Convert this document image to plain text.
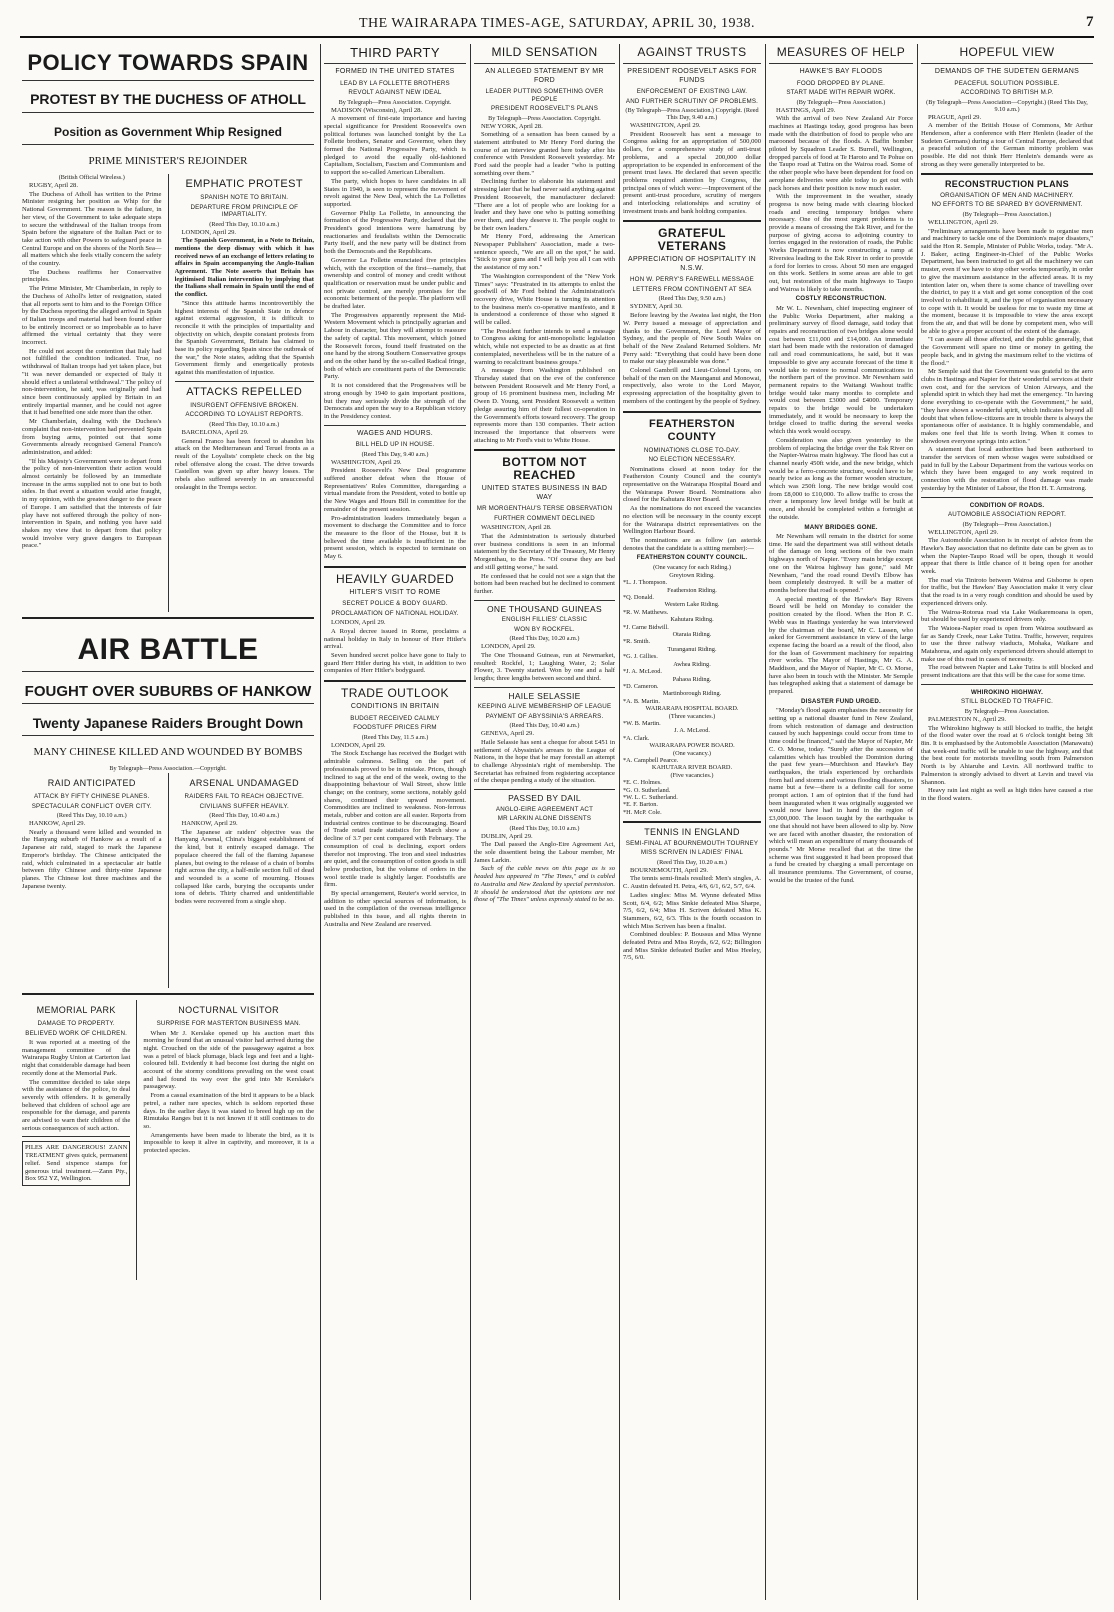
THE WAIRARAPA TIMES-AGE, SATURDAY, APRIL 30, 1938.	7
POLICY TOWARDS SPAIN
PROTEST BY THE DUCHESS OF ATHOLL
Position as Government Whip Resigned
PRIME MINISTER'S REJOINDER

(British Official Wireless.)

RUGBY, April 28.

The Duchess of Atholl has written to the Prime Minister resigning her position as Whip for the National Government. The reason is the failure, in her view, of the Government to take adequate steps to secure the withdrawal of the Italian troops from Spain before the signature of the Italian Pact or to take action with other Powers to safeguard peace in Central Europe and on the shores of the North Sea—all matters which she feels vitally concern the safety of the country.

The Duchess reaffirms her Conservative principles.

The Prime Minister, Mr Chamberlain, in reply to the Duchess of Atholl's letter of resignation, stated that all reports sent to him and to the Foreign Office by the Duchess reporting the alleged arrival in Spain of Italian troops and material had been found either to be entirely incorrect or so improbable as to have affirmed the virtual certainty that they were incorrect.

He could not accept the contention that Italy had not fulfilled the condition indicated. True, no withdrawal of Italian troops had yet taken place, but "it was never demanded or expected of Italy it should effect a unilateral withdrawal." The policy of non-intervention, he said, was originally and had since been continuously applied by Britain in an entirely impartial manner, and he could not agree that it had benefited one side more than the other.

Mr Chamberlain, dealing with the Duchess's complaint that non-intervention had prevented Spain from buying arms, pointed out that some Governments already recognised General Franco's administration, and added:

"If his Majesty's Government were to depart from the policy of non-intervention their action would almost certainly be followed by an immediate increase in the arms supplied not to one but to both sides. In that event a situation would arise fraught, in my opinion, with the greatest danger to the peace of Europe. I am satisfied that the interests of fair play have not suffered through the policy of non-intervention in Spain, and nothing you have said shakes my view that to depart from that policy would involve very grave dangers to European peace."

EMPHATIC PROTEST
SPANISH NOTE TO BRITAIN.
DEPARTURE FROM PRINCIPLE OF IMPARTIALITY.

(Reed This Day, 10.10 a.m.)

LONDON, April 29.

The Spanish Government, in a Note to Britain, mentions the deep dismay with which it has received news of an exchange of letters relating to affairs in Spain accompanying the Anglo-Italian Agreement. The Note asserts that Britain has legitimised Italian intervention by implying that the Italians shall remain in Spain until the end of the conflict.

"Since this attitude harms incontrovertibly the highest interests of the Spanish State in defence against external aggression, it is difficult to reconcile it with the principles of impartiality and objectivity on which, despite constant protests from the Spanish Government, Britain has claimed to base its policy regarding Spain since the outbreak of the war," the Note states, adding that the Spanish Government firmly and energetically protests against this manifestation of injustice.

ATTACKS REPELLED
INSURGENT OFFENSIVE BROKEN.
ACCORDING TO LOYALIST REPORTS.

(Reed This Day, 10.10 a.m.)

BARCELONA, April 29.

General Franco has been forced to abandon his attack on the Mediterranean and Teruel fronts as a result of the Loyalists' complete check on the big rebel offensive along the coast. The drive towards Castellon was given up after heavy losses. The rebels also suffered severely in an unsuccessful onslaught in the Tremps sector.

AIR BATTLE
FOUGHT OVER SUBURBS OF HANKOW
Twenty Japanese Raiders Brought Down
MANY CHINESE KILLED AND WOUNDED BY BOMBS

By Telegraph—Press Association.—Copyright.

RAID ANTICIPATED
ATTACK BY FIFTY CHINESE PLANES.
SPECTACULAR CONFLICT OVER CITY.

(Reed This Day, 10.10 a.m.)

HANKOW, April 29.

Nearly a thousand were killed and wounded in the Hanyang suburb of Hankow as a result of a Japanese air raid, staged to mark the Japanese Emperor's birthday. The Chinese anticipated the raid, which culminated in a spectacular air battle between fifty Chinese and thirty-nine Japanese planes. The Chinese lost three machines and the Japanese twenty.

ARSENAL UNDAMAGED
RAIDERS FAIL TO REACH OBJECTIVE.
CIVILIANS SUFFER HEAVILY.

(Reed This Day, 10.40 a.m.)

HANKOW, April 29.

The Japanese air raiders' objective was the Hanyang Arsenal, China's biggest establishment of the kind, but it entirely escaped damage. The populace cheered the fall of the flaming Japanese planes, but owing to the release of a chain of bombs right across the city, a half-mile section full of dead and wounded is a scene of mourning. Houses collapsed like cards, burying the occupants under tons of debris. Thirty charred and unidentifiable bodies were recovered from a single shop.

MEMORIAL PARK
DAMAGE TO PROPERTY.
BELIEVED WORK OF CHILDREN.

It was reported at a meeting of the management committee of the Wairarapa Rugby Union at Carterton last night that considerable damage had been recently done at the Memorial Park.

The committee decided to take steps with the assistance of the police, to deal severely with offenders. It is generally believed that children of school age are responsible for the damage, and parents are advised to warn their children of the serious consequences of such action.

PILES ARE DANGEROUS! ZANN TREATMENT gives quick, permanent relief. Send sixpence stamps for generous trial treatment.—Zann Pty., Box 952 YZ, Wellington.

NOCTURNAL VISITOR
SURPRISE FOR MASTERTON BUSINESS MAN.

When Mr J. Kerslake opened up his auction mart this morning he found that an unusual visitor had arrived during the night. Crouched on the side of the passageway against a box was a petrel of black plumage, black legs and feet and a light-coloured bill. Evidently it had become lost during the night on account of the stormy conditions prevailing on the west coast and had found its way over the grid into Mr Kerslake's passageway.

From a casual examination of the bird it appears to be a black petrel, a rather rare species, which is seldom reported these days. In the earlier days it was stated to breed high up on the Rimutaka Ranges but it is not known if it still continues to do so.

Arrangements have been made to liberate the bird, as it is impossible to keep it alive in captivity, and moreover, it is a protected species.

THIRD PARTY
FORMED IN THE UNITED STATES
LEAD BY LA FOLLETTE BROTHERS
REVOLT AGAINST NEW IDEAL

By Telegraph—Press Association. Copyright.

MADISON (Wisconsin), April 28.

A movement of first-rate importance and having special significance for President Roosevelt's own political fortunes was launched tonight by the La Follette brothers, Senator and Governor, when they formed the National Progressive Party, which is pledged to avoid the equally old-fashioned Capitalism, Socialism, Fascism and Communism and to support the so-called American Liberalism.

The party, which hopes to have candidates in all States in 1940, is seen to represent the movement of revolt against the New Deal, which the La Follettes supported.

Governor Philip La Follette, in announcing the formation of the Progressive Party, declared that the President's good intentions were hamstrung by reactionaries and feudalists within the Democratic Party itself, and the new party will be distinct from both the Democrats and the Republicans.

Governor La Follette enunciated five principles which, with the exception of the first—namely, that ownership and control of money and credit without qualification or reservation must be under public and not private control, are merely promises for the economic betterment of the people. The platform will be drafted later.

The Progressives apparently represent the Mid-Western Movement which is principally agrarian and Labour in character, but they will attempt to reassure the safety of capital. This movement, which joined the Roosevelt forces, found itself frustrated on the one hand by the strong Southern Conservative groups and on the other hand by the so-called Radical fringe, both of which are constituent parts of the Democratic Party.

It is not considered that the Progressives will be strong enough by 1940 to gain important positions, but they may seriously divide the strength of the Democrats and open the way to a Republican victory in the Presidency contest.

WAGES AND HOURS.
BILL HELD UP IN HOUSE.

(Reed This Day, 9.40 a.m.)

WASHINGTON, April 29.

President Roosevelt's New Deal programme suffered another defeat when the House of Representatives' Rules Committee, disregarding a virtual mandate from the President, voted to bottle up the New Wages and Hours Bill in committee for the remainder of the present session.

Pro-administration leaders immediately began a movement to discharge the Committee and to force the measure to the floor of the House, but it is believed the time available is insufficient in the present session, which is expected to terminate on May 6.

HEAVILY GUARDED
HITLER'S VISIT TO ROME
SECRET POLICE & BODY GUARD.
PROCLAMATION OF NATIONAL HOLIDAY.

LONDON, April 29.

A Royal decree issued in Rome, proclaims a national holiday in Italy in honour of Herr Hitler's arrival.

Seven hundred secret police have gone to Italy to guard Herr Hitler during his visit, in addition to two companies of Herr Hitler's bodyguard.

TRADE OUTLOOK
CONDITIONS IN BRITAIN
BUDGET RECEIVED CALMLY
FOODSTUFF PRICES FIRM

(Reed This Day, 11.5 a.m.)

LONDON, April 29.

The Stock Exchange has received the Budget with admirable calmness. Selling on the part of professionals proved to be in mistake. Prices, though inclined to sag at the end of the week, owing to the disappointing behaviour of Wall Street, show little change; on the contrary, some sections, notably gold shares, continued their upward movement. Commodities are inclined to weakness. Non-ferrous metals, rubber and cotton are all easier. Reports from industrial centres continue to be discouraging. Board of Trade retail trade statistics for March show a decline of 3.7 per cent compared with February. The consumption of coal is declining, export orders therefor not improving. The iron and steel industries are quiet, and the consumption of cotton goods is still below production, but the volume of orders in the wool textile trade is slightly larger. Foodstuffs are firm.

By special arrangement, Reuter's world service, in addition to other special sources of information, is used in the compilation of the overseas intelligence published in this issue, and all rights therein in Australia and New Zealand are reserved.

MILD SENSATION
AN ALLEGED STATEMENT BY MR FORD
LEADER PUTTING SOMETHING OVER PEOPLE
PRESIDENT ROOSEVELT'S PLANS

By Telegraph—Press Association. Copyright.

NEW YORK, April 28.

Something of a sensation has been caused by a statement attributed to Mr Henry Ford during the course of an interview granted here today after his conference with President Roosevelt yesterday. Mr Ford said the people had a leader "who is putting something over them."

Declining further to elaborate his statement and stressing later that he had never said anything against President Roosevelt, the manufacturer declared: "There are a lot of people who are looking for a leader and they have one who is putting something over them, and they deserve it. The people ought to be their own leaders."

Mr Henry Ford, addressing the American Newspaper Publishers' Association, made a two-sentence speech, "We are all on the spot," he said. "Stick to your guns and I will help you all I can with the assistance of my son."

The Washington correspondent of the "New York Times" says: "Frustrated in its attempts to enlist the goodwill of Mr Ford behind the Administration's recovery drive, White House is turning its attention to the business men's co-operative manifesto, and it is understood a conference of those who signed it will be called.

"The President further intends to send a message to Congress asking for anti-monopolistic legislation which, while not expected to be as drastic as at first contemplated, nevertheless will be in the nature of a warning to recalcitrant business groups."

A message from Washington published on Thursday stated that on the eve of the conference between President Roosevelt and Mr Henry Ford, a group of 16 prominent business men, including Mr Owen D. Young, sent President Roosevelt a written pledge assuring him of their fullest co-operation in the Government's efforts toward recovery. The group represents more than 130 companies. Their action increased the importance that observers were attaching to Mr Ford's visit to White House.

BOTTOM NOT REACHED
UNITED STATES BUSINESS IN BAD WAY
MR MORGENTHAU'S TERSE OBSERVATION
FURTHER COMMENT DECLINED

WASHINGTON, April 28.

That the Administration is seriously disturbed over business conditions is seen in an informal statement by the Secretary of the Treasury, Mr Henry Morgenthau, to the Press. "Of course they are bad and still getting worse," he said.

He confessed that he could not see a sign that the bottom had been reached but he declined to comment further.

ONE THOUSAND GUINEAS
ENGLISH FILLIES' CLASSIC
WON BY ROCKFEL.

(Reed This Day, 10.20 a.m.)

LONDON, April 29.

The One Thousand Guineas, run at Newmarket, resulted: Rockfel, 1; Laughing Water, 2; Solar Flower, 3. Twenty started. Won by one and a half lengths; three lengths between second and third.

HAILE SELASSIE
KEEPING ALIVE MEMBERSHIP OF LEAGUE
PAYMENT OF ABYSSINIA'S ARREARS.

(Reed This Day, 10.40 a.m.)

GENEVA, April 29.

Haile Selassie has sent a cheque for about £451 in settlement of Abyssinia's arrears to the League of Nations, in the hope that he may forestall an attempt to challenge Abyssinia's right of membership. The Secretariat has refrained from registering acceptance of the cheque pending a study of the situation.

PASSED BY DAIL
ANGLO-EIRE AGREEMENT ACT
MR LARKIN ALONE DISSENTS

(Reed This Day, 10.10 a.m.)

DUBLIN, April 29.

The Dail passed the Anglo-Eire Agreement Act, the sole dissentient being the Labour member, Mr James Larkin.

Such of the cable news on this page as is so headed has appeared in "The Times," and is cabled to Australia and New Zealand by special permission. It should be understood that the opinions are not those of "The Times" unless expressly stated to be so.

AGAINST TRUSTS
PRESIDENT ROOSEVELT ASKS FOR FUNDS
ENFORCEMENT OF EXISTING LAW.
AND FURTHER SCRUTINY OF PROBLEMS.

(By Telegraph—Press Association.) Copyright. (Reed This Day, 9.40 a.m.)

WASHINGTON, April 29.

President Roosevelt has sent a message to Congress asking for an appropriation of 500,000 dollars, for a comprehensive study of anti-trust problems, and a special 200,000 dollar appropriation to be expended in enforcement of the present trust laws. He declared that seven specific problems required attention by Congress, the principal ones of which were:—Improvement of the present anti-trust procedure, scrutiny of mergers and interlocking relationships and scrutiny of investment trusts and bank holding companies.

GRATEFUL VETERANS
APPRECIATION OF HOSPITALITY IN N.S.W.
HON W. PERRY'S FAREWELL MESSAGE
LETTERS FROM CONTINGENT AT SEA

(Reed This Day, 9.50 a.m.)

SYDNEY, April 30.

Before leaving by the Awatea last night, the Hon W. Perry issued a message of appreciation and thanks to the Government, the Lord Mayor of Sydney, and the people of New South Wales on behalf of the New Zealand Returned Soldiers. Mr Perry said: "Everything that could have been done to make our stay pleasurable was done."

Colonel Gambrill and Lieut-Colonel Lyons, on behalf of the men on the Maunganui and Monowai, respectively, also wrote to the Lord Mayor, expressing appreciation of the hospitality given to members of the contingent by the people of Sydney.

FEATHERSTON COUNTY
NOMINATIONS CLOSE TO-DAY.
NO ELECTION NECESSARY.

Nominations closed at noon today for the Featherston County Council and the county's representative on the Wairarapa Hospital Board and the Wairarapa Power Board. Nominations also closed for the Kahutara River Board.

As the nominations do not exceed the vacancies no election will be necessary in the county except for the Wairarapa district representatives on the Wellington Harbour Board.

The nominations are as follow (an asterisk denotes that the candidate is a sitting member):—

FEATHERSTON COUNTY COUNCIL.

(One vacancy for each Riding.)

Greytown Riding.
*L. J. Thompson.
Featherston Riding.
*Q. Donald.
Western Lake Riding.
*R. W. Matthews.
Kahutara Riding.
*J. Carne Bidwill.
Otaraia Riding.
*R. Smith.
Turanganui Riding.
*G. J. Gillies.
Awhea Riding.
*J. A. McLeod.
Pahaoa Riding.
*D. Cameron.
Martinborough Riding.
*A. B. Martin.
WAIRARAPA HOSPITAL BOARD.
(Three vacancies.)
*W. B. Martin.
J. A. McLeod.
*A. Clark.
WAIRARAPA POWER BOARD.
(One vacancy.)
*A. Campbell Pearce.
KAHUTARA RIVER BOARD.
(Five vacancies.)
*E. C. Holmes.
*G. O. Sutherland.
*W. L. C. Sutherland.
*E. F. Barton.
*H. McP. Cole.
TENNIS IN ENGLAND
SEMI-FINAL AT BOURNEMOUTH TOURNEY
MISS SCRIVEN IN LADIES' FINAL

(Reed This Day, 10.20 a.m.)

BOURNEMOUTH, April 29.

The tennis semi-finals resulted: Men's singles, A. C. Austin defeated H. Petra, 4/6, 6/1, 6/2, 5/7, 6/4.

Ladies singles: Miss M. Wynne defeated Miss Scott, 6/4, 6/2; Miss Sinkie defeated Miss Sharpe, 7/5, 6/2, 6/4; Miss H. Scriven defeated Miss K. Stammers, 6/2, 6/3. This is the fourth occasion in which Miss Scriven has been a finalist.

Combined doubles: P. Boussus and Miss Wynne defeated Petra and Miss Royds, 6/2, 6/2; Billington and Miss Sinkie defeated Butler and Miss Heeley, 7/5, 6/0.

MEASURES OF HELP
HAWKE'S BAY FLOODS
FOOD DROPPED BY PLANE.
START MADE WITH REPAIR WORK.

(By Telegraph—Press Association.)

HASTINGS, April 29.

With the arrival of two New Zealand Air Force machines at Hastings today, good progress has been made with the distribution of food to people who are marooned because of the floods. A Baffin bomber piloted by Squadron Leader S. Burrell, Wellington, dropped parcels of food at Te Haroto and Te Pohue on the Taupo road at Tutira on the Wairoa road. Some of the other people who have been dependent for food on aeroplane deliveries were able today to get out with pack horses and their position is now much easier.

With the improvement in the weather, steady progress is now being made with clearing blocked roads and erecting temporary bridges where necessary. One of the most urgent problems is to provide a means of crossing the Esk River, and for the purpose of giving access to adjoining country to lorries engaged in the restoration of roads, the Public Works Department is now constructing a ramp at Riversiea leading to the Esk River in order to provide a ford for lorries to cross. About 50 men are engaged on this work. Settlers in some areas are able to get out, but restoration of the main highways to Taupo and Wairoa is likely to take months.

COSTLY RECONSTRUCTION.

Mr W. L. Newnham, chief inspecting engineer of the Public Works Department, after making a preliminary survey of flood damage, said today that repairs and reconstruction of two bridges alone would cost between £11,000 and £14,000. An immediate start had been made with the restoration of damaged rail and road communications, he said, but it was impossible to give any accurate forecast of the time it would take to restore to normal communications in the northern part of the province. Mr Newnham said permanent repairs to the Waitangi Washout traffic bridge would take many months to complete and would cost between £3000 and £4000. Temporary repairs to the bridge would be undertaken immediately, and it would be necessary to keep the bridge closed to traffic during the several weeks which this work would occupy.

Consideration was also given yesterday to the problem of replacing the bridge over the Esk River on the Napier-Wairoa main highway. The flood has cut a channel nearly 450ft wide, and the new bridge, which would be a ferro-concrete structure, would have to be nearly twice as long as the former wooden structure, which was 250ft long. The new bridge would cost from £8,000 to £10,000. To allow traffic to cross the river a temporary low level bridge will be built at once, and should be completed within a fortnight at the outside.

MANY BRIDGES GONE.

Mr Newnham will remain in the district for some time. He said the department was still without details of the damage on long sections of the two main highways north of Napier. "Every main bridge except one on the Wairoa highway has gone," said Mr Newnham, "and the road round Devil's Elbow has been completely destroyed. It will be a matter of months before that road is opened."

A special meeting of the Hawke's Bay Rivers Board will be held on Monday to consider the position created by the flood. When the Hon P. C. Webb was in Hastings yesterday he was interviewed by the chairman of the board, Mr C. Lassen, who asked for Government assistance in view of the large expense facing the board as a result of the flood, also for the loan of Government machinery for repairing river works. The Mayor of Hastings, Mr G. A. Maddison, and the Mayor of Napier, Mr C. O. Morse, have also been in touch with the Minister. Mr Semple has telegraphed asking that a statement of damage be prepared.

DISASTER FUND URGED.

"Monday's flood again emphasises the necessity for setting up a national disaster fund in New Zealand, from which restoration of damage and destruction caused by such happenings could occur from time to time could be financed," said the Mayor of Napier, Mr C. O. Morse, today. "Surely after the succession of calamities which has troubled the Dominion during the past few years—Murchison and Hawke's Bay earthquakes, the trials experienced by orchardists from hail and storms and various flooding disasters, to name but a few—there is a definite call for some prompt action. I am of opinion that if the fund had been inaugurated when it was originally suggested we would now have had in hand in the region of £3,000,000. The lesson taught by the earthquake is one that should not have been allowed to slip by. Now we are faced with another disaster, the restoration of which will mean an expenditure of many thousands of pounds." Mr Morse recalled that at the time the scheme was first suggested it had been proposed that a fund be created by charging a small percentage on all insurance premiums. The Government, of course, would be the trustee of the fund.

HOPEFUL VIEW
DEMANDS OF THE SUDETEN GERMANS
PEACEFUL SOLUTION POSSIBLE.
ACCORDING TO BRITISH M.P.

(By Telegraph—Press Association—Copyright.) (Reed This Day, 9.10 a.m.)

PRAGUE, April 29.

A member of the British House of Commons, Mr Arthur Henderson, after a conference with Herr Henlein (leader of the Sudeten Germans) during a tour of Central Europe, declared that a peaceful solution of the German minority problem was possible. He did not think Herr Henlein's demands were as strong as they were generally interpreted to be.

RECONSTRUCTION PLANS
ORGANISATION OF MEN AND MACHINERY.
NO EFFORTS TO BE SPARED BY GOVERNMENT.

(By Telegraph—Press Association.)

WELLINGTON, April 29.

"Preliminary arrangements have been made to organise men and machinery to tackle one of the Dominion's major disasters," said the Hon R. Semple, Minister of Public Works, today. "Mr A. J. Baker, acting Engineer-in-Chief of the Public Works Department, has been instructed to get all the machinery we can muster, even if we have to stop other works temporarily, in order to give the maximum assistance in the affected areas. It is my intention later on, when there is some chance of travelling over the district, to pay it a visit and get some conception of the cost involved to rehabilitate it, and the type of organisation necessary to cope with it. It would be useless for me to waste my time at the moment, because it is impossible to view the area except from the air, and that will be done by competent men, who will be able to give a proper account of the extent of the damage.

"I can assure all those affected, and the public generally, that the Government will spare no time or money in getting the people back, and in giving the maximum relief to the victims of the flood."

Mr Semple said that the Government was grateful to the aero clubs in Hastings and Napier for their wonderful services at their own cost, and for the services of Union Airways, and the splendid spirit in which they had met the emergency. "In having done everything to co-operate with the Government," he said, "they have shown a wonderful spirit, which indicates beyond all doubt that when fellow-citizens are in trouble there is always the spontaneous offer of assistance. It is highly commendable, and makes one feel that life is worth living. When it comes to showdown everyone springs into action."

A statement that local authorities had been authorised to transfer the services of men whose wages were subsidised or paid in full by the Labour Department from the various works on which they have been engaged to any work required in connection with the restoration of flood damage was made yesterday by the Minister of Labour, the Hon H. T. Armstrong.

CONDITION OF ROADS.
AUTOMOBILE ASSOCIATION REPORT.

(By Telegraph—Press Association.)

WELLINGTON, April 29.

The Automobile Association is in receipt of advice from the Hawke's Bay association that no definite date can be given as to when the Napier-Taupo Road will be open, though it would appear that there is little chance of it being open for another week.

The road via Tiniroto between Wairoa and Gisborne is open for traffic, but the Hawkes' Bay Association make it very clear that the road is in a very rough condition and should be used by experienced drivers only.

The Wairoa-Rotorua road via Lake Waikaremoana is open, but should be used by experienced drivers only.

The Waioea-Napier road is open from Wairoa southward as far as Sandy Creek, near Lake Tutira. Traffic, however, requires to use the three railway viaducts, Mohaka, Waikare and Matahorua, and again only experienced drivers should attempt to make use of this road in cases of necessity.

The road between Napier and Lake Tutira is still blocked and present indications are that this will be the case for some time.

WHIROKINO HIGHWAY.
STILL BLOCKED TO TRAFFIC.

By Telegraph—Press Association.

PALMERSTON N., April 29.

The Whirokino highway is still blocked to traffic, the height of the flood water over the road at 6 o'clock tonight being 3ft 8in. It is emphasised by the Automobile Association (Manawatu) that week-end traffic will be unable to use the highway, and that the best route for motorists travelling south from Palmerston North is by Ahiaruhe and Levin. All northward traffic to Palmerston is strongly advised to divert at Levin and travel via Shannon.

Heavy rain last night as well as high tides have caused a rise in the flood waters.
